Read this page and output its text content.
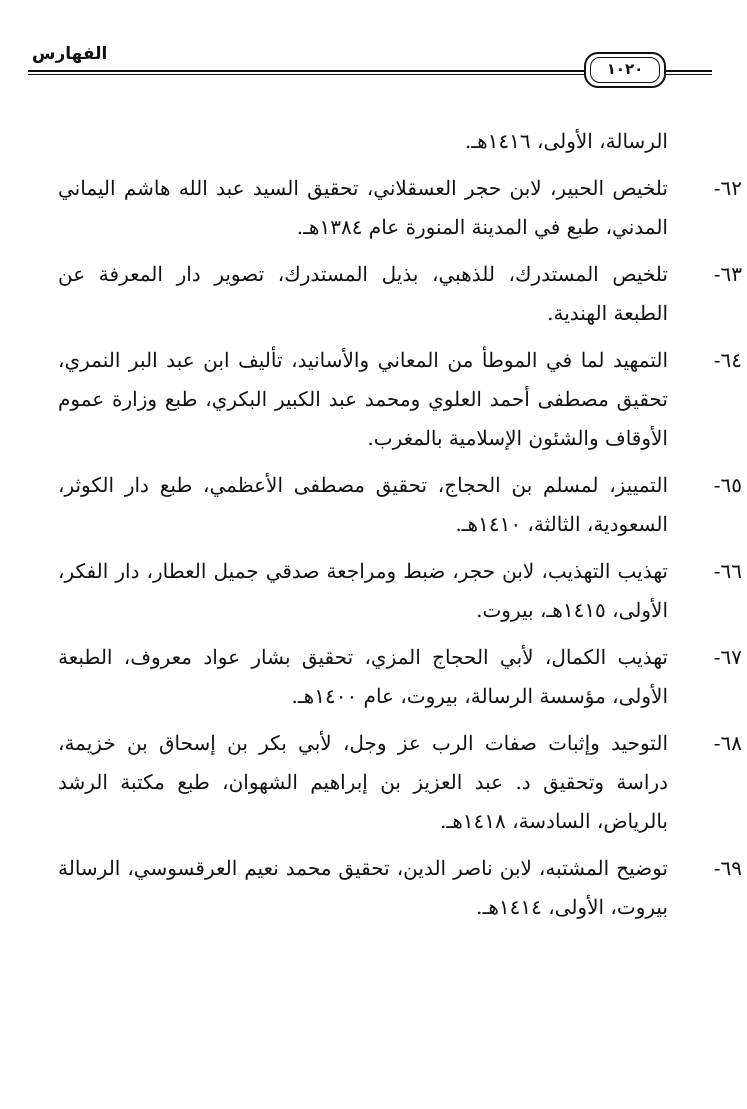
الفهارس
١٠٢٠
الرسالة، الأولى، ١٤١٦هـ.
٦٢-
تلخيص الحبير، لابن حجر العسقلاني، تحقيق السيد عبد الله هاشم اليماني المدني، طبع في المدينة المنورة عام ١٣٨٤هـ.
٦٣-
تلخيص المستدرك، للذهبي، بذيل المستدرك، تصوير دار المعرفة عن الطبعة الهندية.
٦٤-
التمهيد لما في الموطأ من المعاني والأسانيد، تأليف ابن عبد البر النمري، تحقيق مصطفى أحمد العلوي ومحمد عبد الكبير البكري، طبع وزارة عموم الأوقاف والشئون الإسلامية بالمغرب.
٦٥-
التمييز، لمسلم بن الحجاج، تحقيق مصطفى الأعظمي، طبع دار الكوثر، السعودية، الثالثة، ١٤١٠هـ.
٦٦-
تهذيب التهذيب، لابن حجر، ضبط ومراجعة صدقي جميل العطار، دار الفكر، الأولى، ١٤١٥هـ، بيروت.
٦٧-
تهذيب الكمال، لأبي الحجاج المزي، تحقيق بشار عواد معروف، الطبعة الأولى، مؤسسة الرسالة، بيروت، عام ١٤٠٠هـ.
٦٨-
التوحيد وإثبات صفات الرب عز وجل، لأبي بكر بن إسحاق بن خزيمة، دراسة وتحقيق د. عبد العزيز بن إبراهيم الشهوان، طبع مكتبة الرشد بالرياض، السادسة، ١٤١٨هـ.
٦٩-
توضيح المشتبه، لابن ناصر الدين، تحقيق محمد نعيم العرقسوسي، الرسالة بيروت، الأولى، ١٤١٤هـ.
